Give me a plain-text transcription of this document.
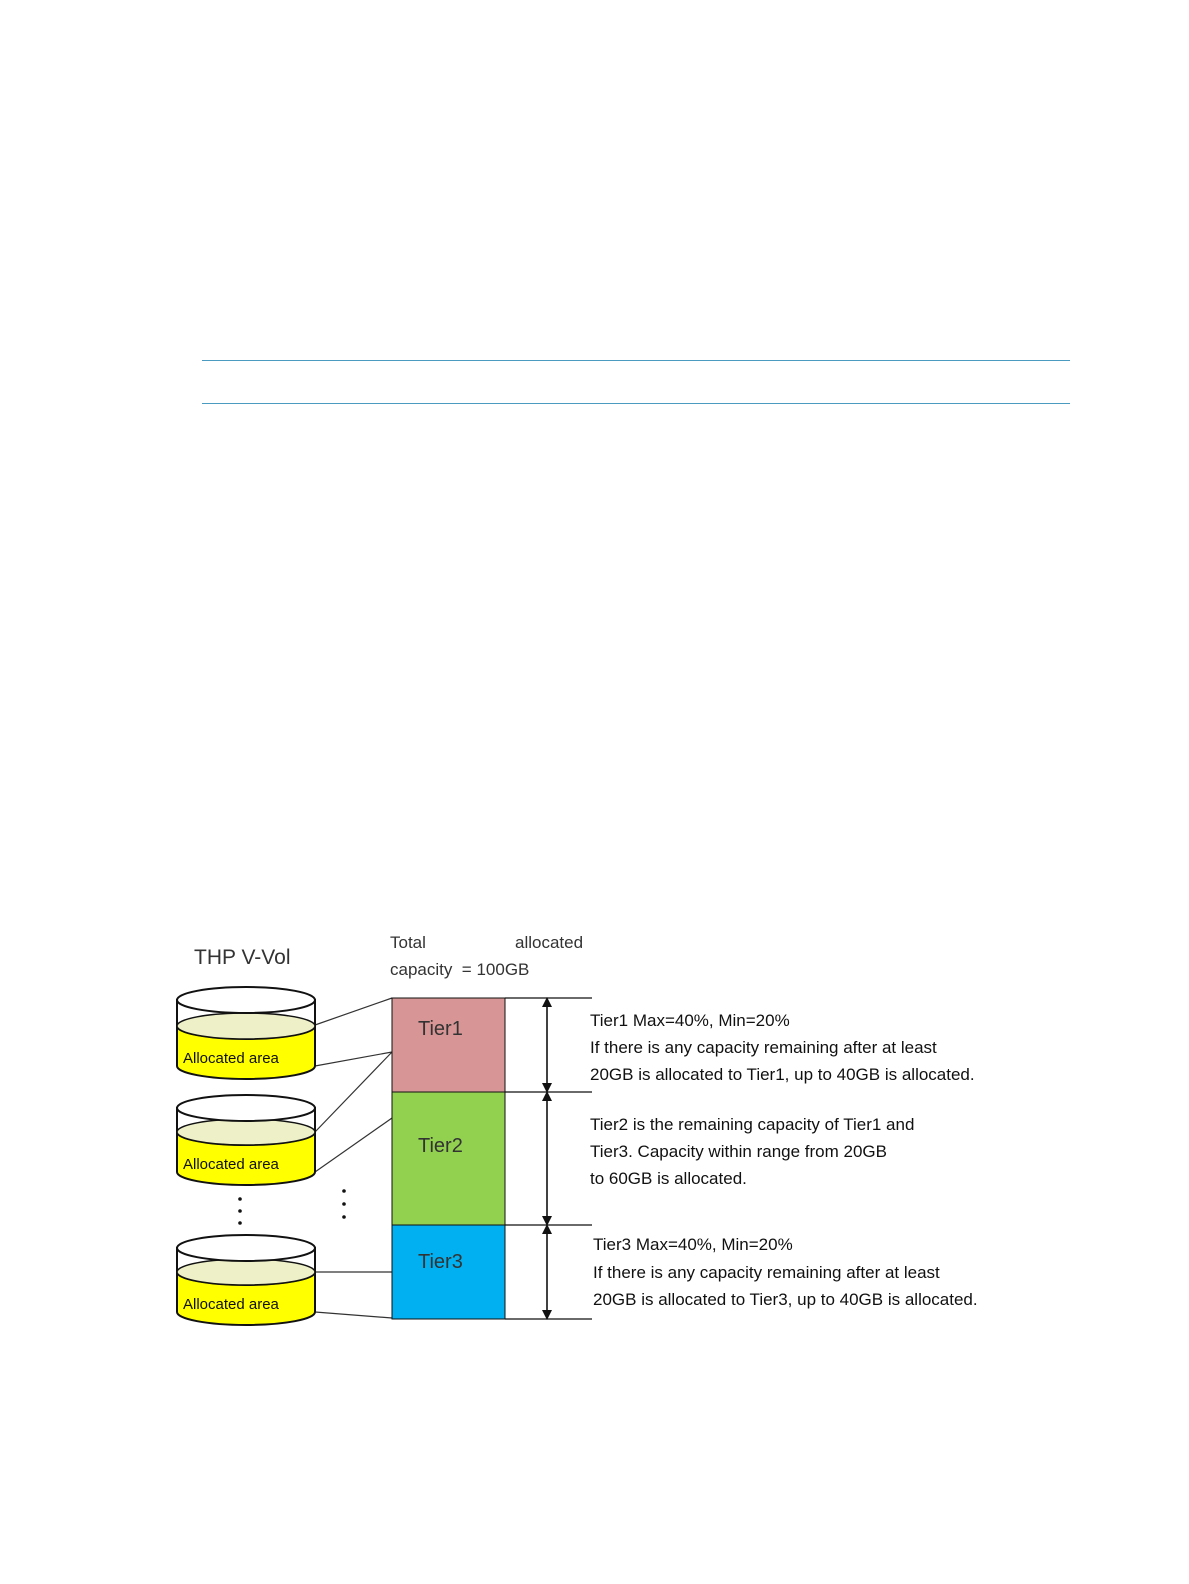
THP V-Vol
Total	allocated
capacity  = 100GB
Allocated area
Allocated area
Allocated area
Tier1
Tier2
Tier3
Tier1 Max=40%, Min=20%
If there is any capacity remaining after at least
20GB is allocated to Tier1, up to 40GB is allocated.
Tier2 is the remaining capacity of Tier1 and
Tier3. Capacity within range from 20GB
to 60GB is allocated.
Tier3 Max=40%, Min=20%
If there is any capacity remaining after at least
20GB is allocated to Tier3, up to 40GB is allocated.
